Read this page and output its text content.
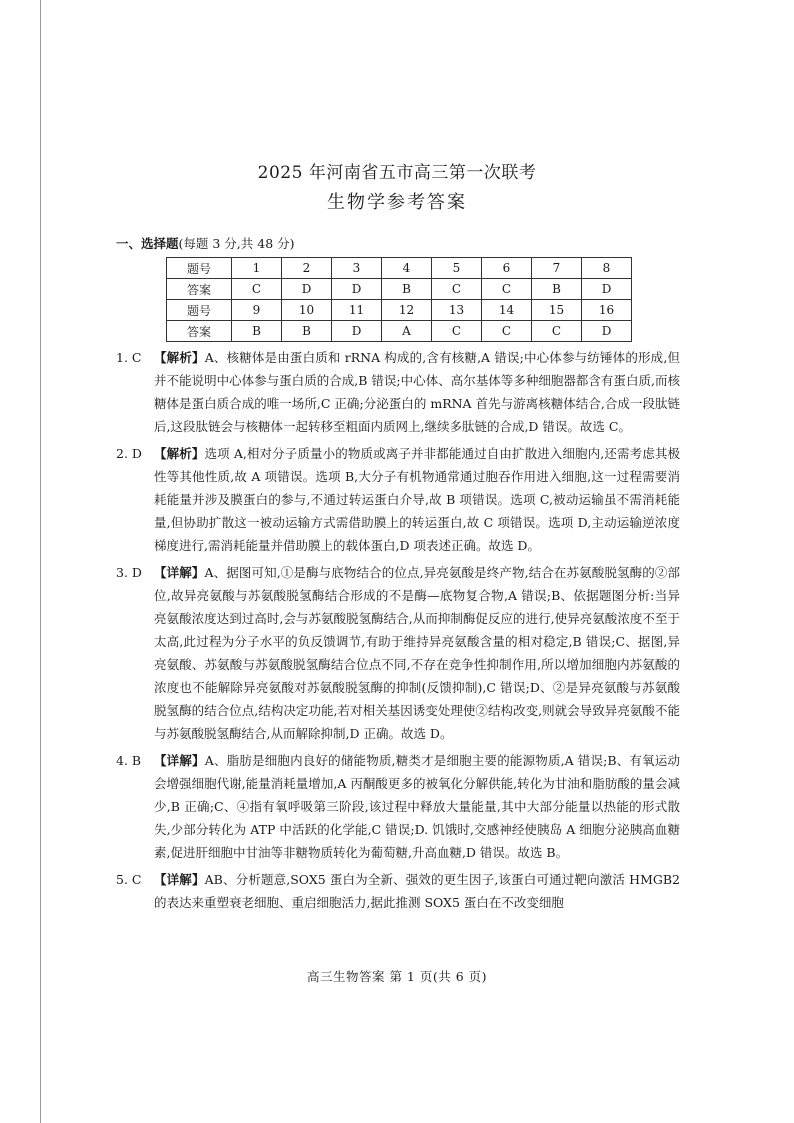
2025 年河南省五市高三第一次联考
生物学参考答案
一、选择题(每题 3 分,共 48 分)
题号	1	2	3	4	5	6	7	8
答案	C	D	D	B	C	C	B	D
题号	9	10	11	12	13	14	15	16
答案	B	B	D	A	C	C	C	D
1. C	【解析】A、核糖体是由蛋白质和 rRNA 构成的,含有核糖,A 错误;中心体参与纺锤体的形成,但并不能说明中心体参与蛋白质的合成,B 错误;中心体、高尔基体等多种细胞器都含有蛋白质,而核糖体是蛋白质合成的唯一场所,C 正确;分泌蛋白的 mRNA 首先与游离核糖体结合,合成一段肽链后,这段肽链会与核糖体一起转移至粗面内质网上,继续多肽链的合成,D 错误。故选 C。
2. D 【解析】选项 A,相对分子质量小的物质或离子并非都能通过自由扩散进入细胞内,还需考虑其极性等其他性质,故 A 项错误。选项 B,大分子有机物通常通过胞吞作用进入细胞,这一过程需要消耗能量并涉及膜蛋白的参与,不通过转运蛋白介导,故 B 项错误。选项 C,被动运输虽不需消耗能量,但协助扩散这一被动运输方式需借助膜上的转运蛋白,故 C 项错误。选项 D,主动运输逆浓度梯度进行,需消耗能量并借助膜上的载体蛋白,D 项表述正确。故选 D。
3. D 【详解】A、据图可知,①是酶与底物结合的位点,异亮氨酸是终产物,结合在苏氨酸脱氢酶的②部位,故异亮氨酸与苏氨酸脱氢酶结合形成的不是酶—底物复合物,A 错误;B、依据题图分析:当异亮氨酸浓度达到过高时,会与苏氨酸脱氢酶结合,从而抑制酶促反应的进行,使异亮氨酸浓度不至于太高,此过程为分子水平的负反馈调节,有助于维持异亮氨酸含量的相对稳定,B 错误;C、据图,异亮氨酸、苏氨酸与苏氨酸脱氢酶结合位点不同,不存在竞争性抑制作用,所以增加细胞内苏氨酸的浓度也不能解除异亮氨酸对苏氨酸脱氢酶的抑制(反馈抑制),C 错误;D、②是异亮氨酸与苏氨酸脱氢酶的结合位点,结构决定功能,若对相关基因诱变处理使②结构改变,则就会导致异亮氨酸不能与苏氨酸脱氢酶结合,从而解除抑制,D 正确。故选 D。
4. B	【详解】A、脂肪是细胞内良好的储能物质,糖类才是细胞主要的能源物质,A 错误;B、有氧运动会增强细胞代谢,能量消耗量增加,A 丙酮酸更多的被氧化分解供能,转化为甘油和脂肪酸的量会减少,B 正确;C、④指有氧呼吸第三阶段,该过程中释放大量能量,其中大部分能量以热能的形式散失,少部分转化为 ATP 中活跃的化学能,C 错误;D. 饥饿时,交感神经使胰岛 A 细胞分泌胰高血糖素,促进肝细胞中甘油等非糖物质转化为葡萄糖,升高血糖,D 错误。故选 B。
5. C	【详解】AB、分析题意,SOX5 蛋白为全新、强效的更生因子,该蛋白可通过靶向激活 HMGB2 的表达来重塑衰老细胞、重启细胞活力,据此推测 SOX5 蛋白在不改变细胞
高三生物答案 第 1 页(共 6 页)
